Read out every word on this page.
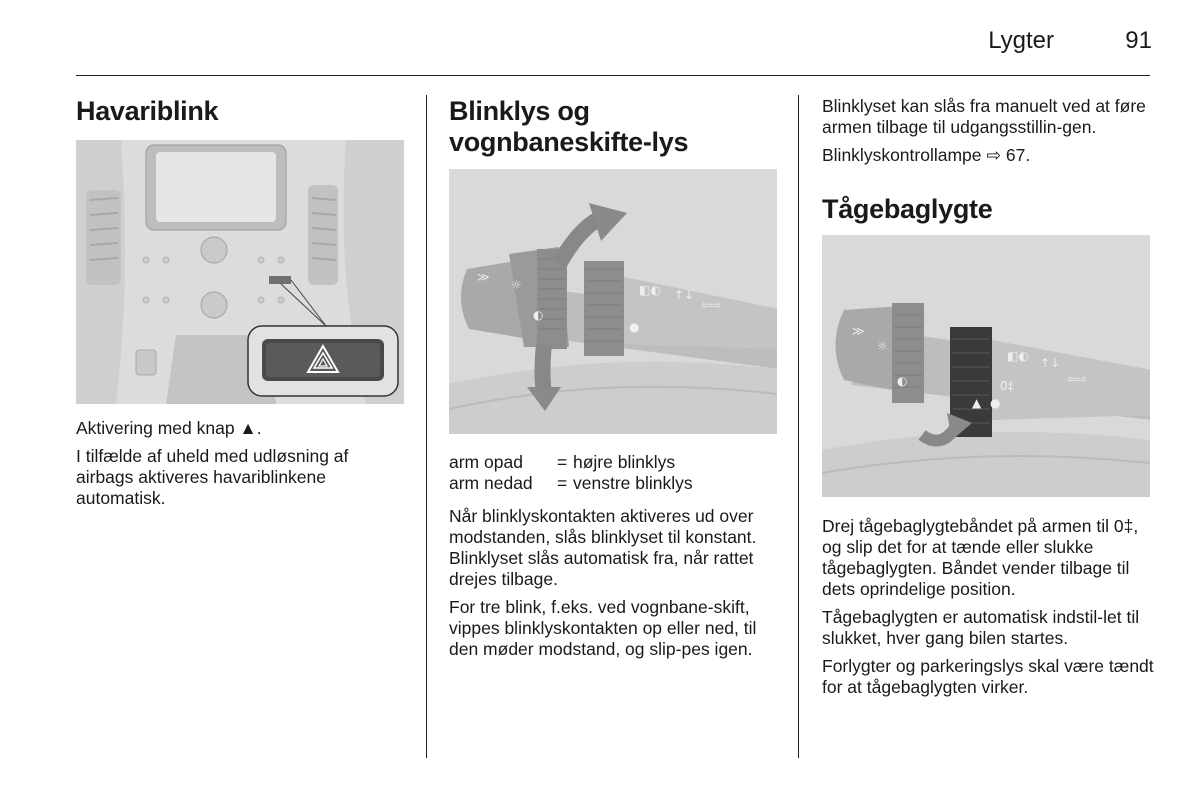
Lygter	91
Havariblink

Aktivering med knap ▲.

I tilfælde af uheld med udløsning af airbags aktiveres havariblinkene automatisk.

Blinklys og
vognbaneskifte-lys
≫
☼
◐
◧◐ ↑↓
⇦⇨
●
arm opad	= højre blinklys
arm nedad	= venstre blinklys

Når blinklyskontakten aktiveres ud over modstanden, slås blinklyset til konstant. Blinklyset slås automatisk fra, når rattet drejes tilbage.

For tre blink, f.eks. ved vognbane-skift, vippes blinklyskontakten op eller ned, til den møder modstand, og slip-pes igen.

Blinklyset kan slås fra manuelt ved at føre armen tilbage til udgangsstillin-gen.

Blinklyskontrollampe ⇨ 67.

Tågebaglygte
≫
☼
◐
◧◐ ↑↓
⇦⇨
0‡
▲ ●

Drej tågebaglygtebåndet på armen til 0‡, og slip det for at tænde eller slukke tågebaglygten. Båndet vender tilbage til dets oprindelige position.

Tågebaglygten er automatisk indstil-let til slukket, hver gang bilen startes.

Forlygter og parkeringslys skal være tændt for at tågebaglygten virker.
